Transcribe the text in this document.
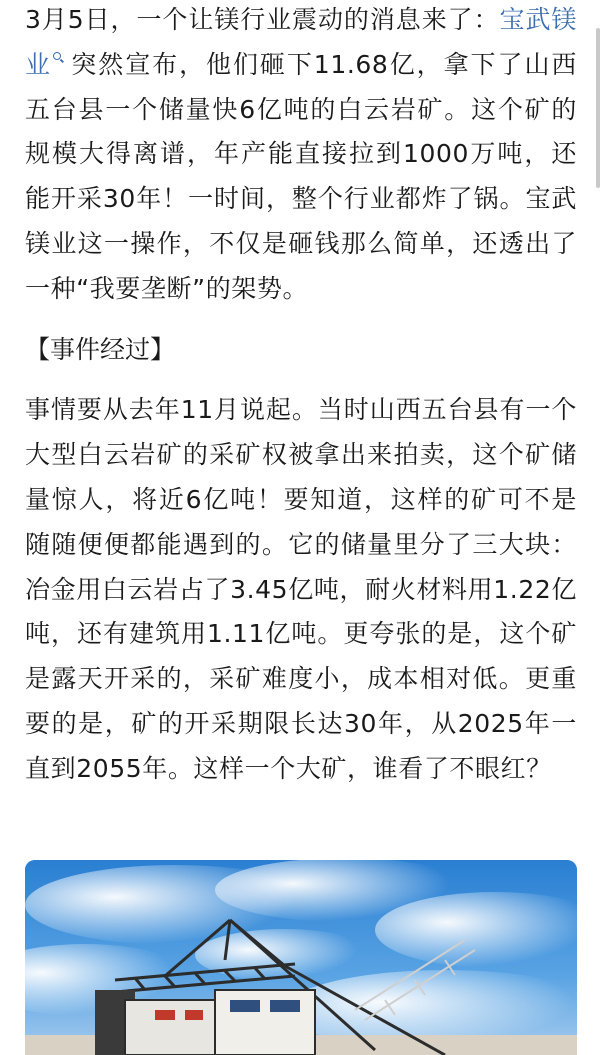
3月5日，一个让镁行业震动的消息来了：宝武镁业 突然宣布，他们砸下11.68亿，拿下了山西五台县一个储量快6亿吨的白云岩矿。这个矿的规模大得离谱，年产能直接拉到1000万吨，还能开采30年！一时间，整个行业都炸了锅。宝武镁业这一操作，不仅是砸钱那么简单，还透出了一种“我要垄断”的架势。

【事件经过】

事情要从去年11月说起。当时山西五台县有一个大型白云岩矿的采矿权被拿出来拍卖，这个矿储量惊人，将近6亿吨！要知道，这样的矿可不是随随便便都能遇到的。它的储量里分了三大块：冶金用白云岩占了3.45亿吨，耐火材料用1.22亿吨，还有建筑用1.11亿吨。更夸张的是，这个矿是露天开采的，采矿难度小，成本相对低。更重要的是，矿的开采期限长达30年，从2025年一直到2055年。这样一个大矿，谁看了不眼红？
